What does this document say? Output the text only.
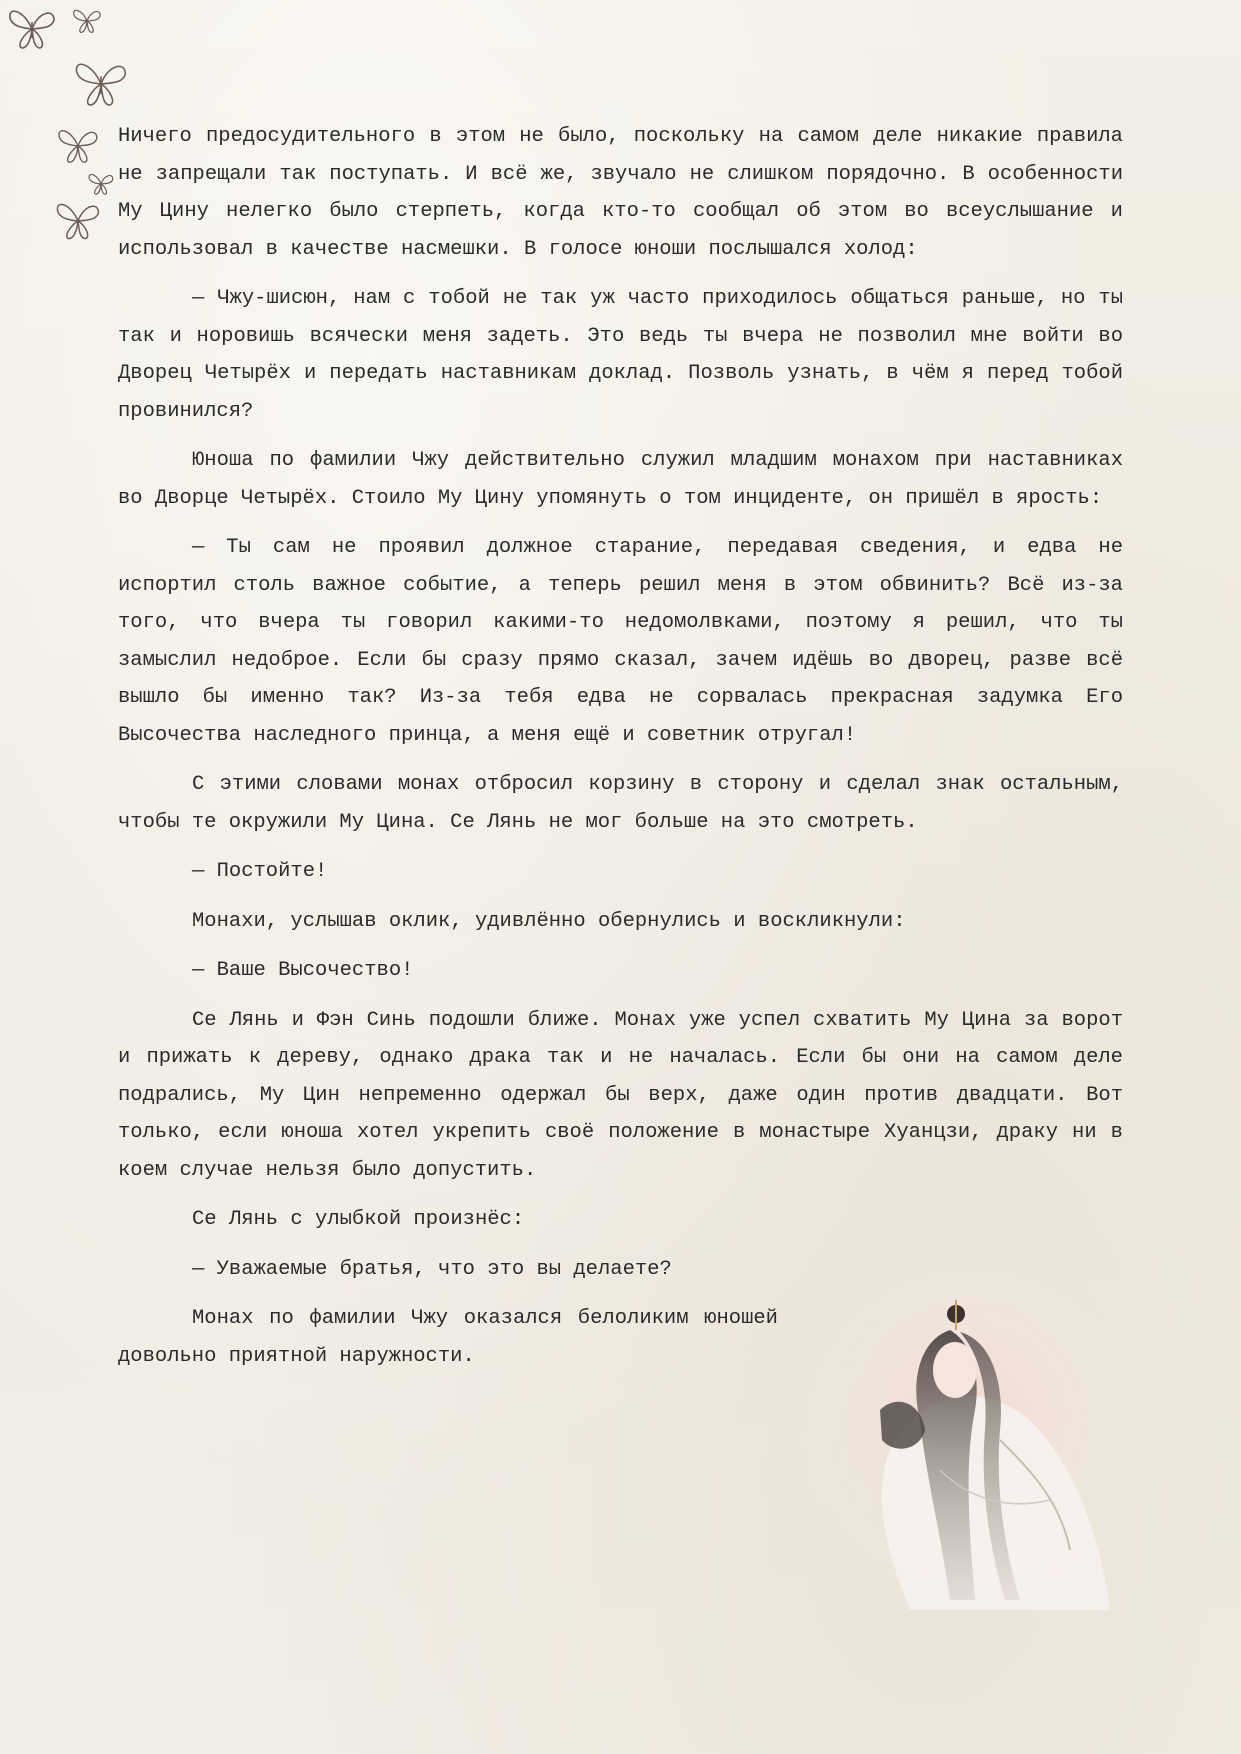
Ничего предосудительного в этом не было, поскольку на самом деле никакие правила не запрещали так поступать. И всё же, звучало не слишком порядочно. В особенности Му Цину нелегко было стерпеть, когда кто-то сообщал об этом во всеуслышание и использовал в качестве насмешки. В голосе юноши послышался холод:

— Чжу-шисюн, нам с тобой не так уж часто приходилось общаться раньше, но ты так и норовишь всячески меня задеть. Это ведь ты вчера не позволил мне войти во Дворец Четырёх и передать наставникам доклад. Позволь узнать, в чём я перед тобой провинился?

Юноша по фамилии Чжу действительно служил младшим монахом при наставниках во Дворце Четырёх. Стоило Му Цину упомянуть о том инциденте, он пришёл в ярость:

— Ты сам не проявил должное старание, передавая сведения, и едва не испортил столь важное событие, а теперь решил меня в этом обвинить? Всё из-за того, что вчера ты говорил какими-то недомолвками, поэтому я решил, что ты замыслил недоброе. Если бы сразу прямо сказал, зачем идёшь во дворец, разве всё вышло бы именно так? Из-за тебя едва не сорвалась прекрасная задумка Его Высочества наследного принца, а меня ещё и советник отругал!

С этими словами монах отбросил корзину в сторону и сделал знак остальным, чтобы те окружили Му Цина. Се Лянь не мог больше на это смотреть.

— Постойте!

Монахи, услышав оклик, удивлённо обернулись и воскликнули:

— Ваше Высочество!

Се Лянь и Фэн Синь подошли ближе. Монах уже успел схватить Му Цина за ворот и прижать к дереву, однако драка так и не началась. Если бы они на самом деле подрались, Му Цин непременно одержал бы верх, даже один против двадцати. Вот только, если юноша хотел укрепить своё положение в монастыре Хуанцзи, драку ни в коем случае нельзя было допустить.

Се Лянь с улыбкой произнёс:

— Уважаемые братья, что это вы делаете?

Монах по фамилии Чжу оказался белоликим юношей довольно приятной наружности.
